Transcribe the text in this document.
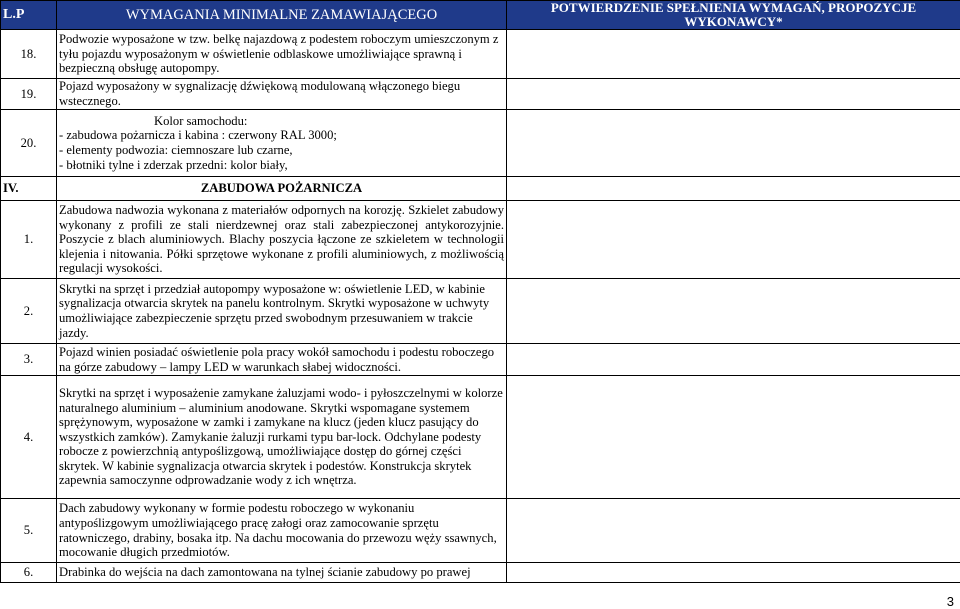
L.P	WYMAGANIA MINIMALNE ZAMAWIAJĄCEGO	POTWIERDZENIE SPEŁNIENIA WYMAGAŃ, PROPOZYCJE WYKONAWCY*
18.	Podwozie wyposażone w tzw. belkę najazdową z podestem roboczym umieszczonym z tyłu pojazdu wyposażonym w oświetlenie odblaskowe umożliwiające sprawną i bezpieczną obsługę autopompy.	
19.	Pojazd wyposażony w sygnalizację dźwiękową modulowaną włączonego biegu wstecznego.	
20.	Kolor samochodu:
- zabudowa pożarnicza i kabina : czerwony RAL 3000;
- elementy podwozia: ciemnoszare lub czarne,
- błotniki tylne i zderzak przedni: kolor biały,	

IV.	ZABUDOWA POŻARNICZA	
1.	Zabudowa nadwozia wykonana z materiałów odpornych na korozję. Szkielet zabudowy wykonany z profili ze stali nierdzewnej oraz stali zabezpieczonej antykorozyjnie. Poszycie z blach aluminiowych. Blachy poszycia łączone ze szkieletem w technologii klejenia i nitowania. Półki sprzętowe wykonane z profili aluminiowych, z możliwością regulacji wysokości.	
2.	Skrytki na sprzęt i przedział autopompy wyposażone w: oświetlenie LED, w kabinie sygnalizacja otwarcia skrytek na panelu kontrolnym. Skrytki wyposażone w uchwyty umożliwiające zabezpieczenie sprzętu przed swobodnym przesuwaniem w trakcie jazdy.	
3.	Pojazd winien posiadać oświetlenie pola pracy wokół samochodu i podestu roboczego na górze zabudowy – lampy LED w warunkach słabej widoczności.	
4.	Skrytki na sprzęt i wyposażenie zamykane żaluzjami wodo- i pyłoszczelnymi w kolorze naturalnego aluminium – aluminium anodowane. Skrytki wspomagane systemem sprężynowym, wyposażone w zamki i zamykane na klucz (jeden klucz pasujący do wszystkich zamków). Zamykanie żaluzji rurkami typu bar-lock. Odchylane podesty robocze z powierzchnią antypoślizgową, umożliwiające dostęp do górnej części skrytek. W kabinie sygnalizacja otwarcia skrytek i podestów. Konstrukcja skrytek zapewnia samoczynne odprowadzanie wody z ich wnętrza.	
5.	Dach zabudowy wykonany w formie podestu roboczego w wykonaniu antypoślizgowym umożliwiającego pracę załogi oraz zamocowanie sprzętu ratowniczego, drabiny, bosaka itp. Na dachu mocowania do przewozu węży ssawnych, mocowanie długich przedmiotów.	
6.	Drabinka do wejścia na dach zamontowana na tylnej ścianie zabudowy po prawej	
3
